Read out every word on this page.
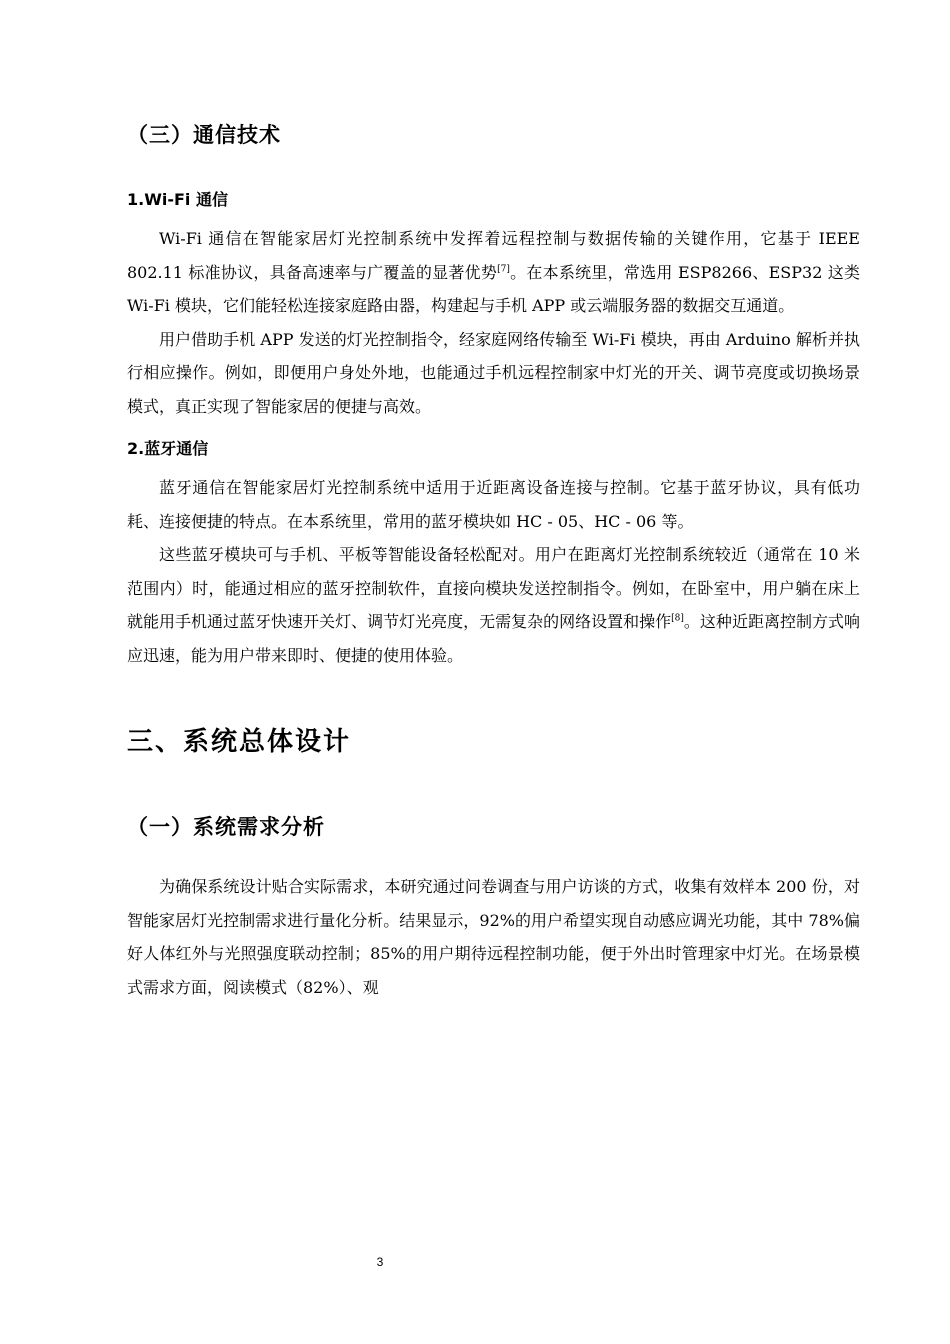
（三）通信技术
1.Wi-Fi 通信

Wi-Fi 通信在智能家居灯光控制系统中发挥着远程控制与数据传输的关键作用，它基于 IEEE 802.11 标准协议，具备高速率与广覆盖的显著优势[7]。在本系统里，常选用 ESP8266、ESP32 这类 Wi-Fi 模块，它们能轻松连接家庭路由器，构建起与手机 APP 或云端服务器的数据交互通道。

用户借助手机 APP 发送的灯光控制指令，经家庭网络传输至 Wi-Fi 模块，再由 Arduino 解析并执行相应操作。例如，即便用户身处外地，也能通过手机远程控制家中灯光的开关、调节亮度或切换场景模式，真正实现了智能家居的便捷与高效。

2.蓝牙通信

蓝牙通信在智能家居灯光控制系统中适用于近距离设备连接与控制。它基于蓝牙协议，具有低功耗、连接便捷的特点。在本系统里，常用的蓝牙模块如 HC - 05、HC - 06 等。

这些蓝牙模块可与手机、平板等智能设备轻松配对。用户在距离灯光控制系统较近（通常在 10 米范围内）时，能通过相应的蓝牙控制软件，直接向模块发送控制指令。例如，在卧室中，用户躺在床上就能用手机通过蓝牙快速开关灯、调节灯光亮度，无需复杂的网络设置和操作[8]。这种近距离控制方式响应迅速，能为用户带来即时、便捷的使用体验。

三、系统总体设计
（一）系统需求分析

为确保系统设计贴合实际需求，本研究通过问卷调查与用户访谈的方式，收集有效样本 200 份，对智能家居灯光控制需求进行量化分析。结果显示，92%的用户希望实现自动感应调光功能，其中 78%偏好人体红外与光照强度联动控制；85%的用户期待远程控制功能，便于外出时管理家中灯光。在场景模式需求方面，阅读模式（82%）、观

3
